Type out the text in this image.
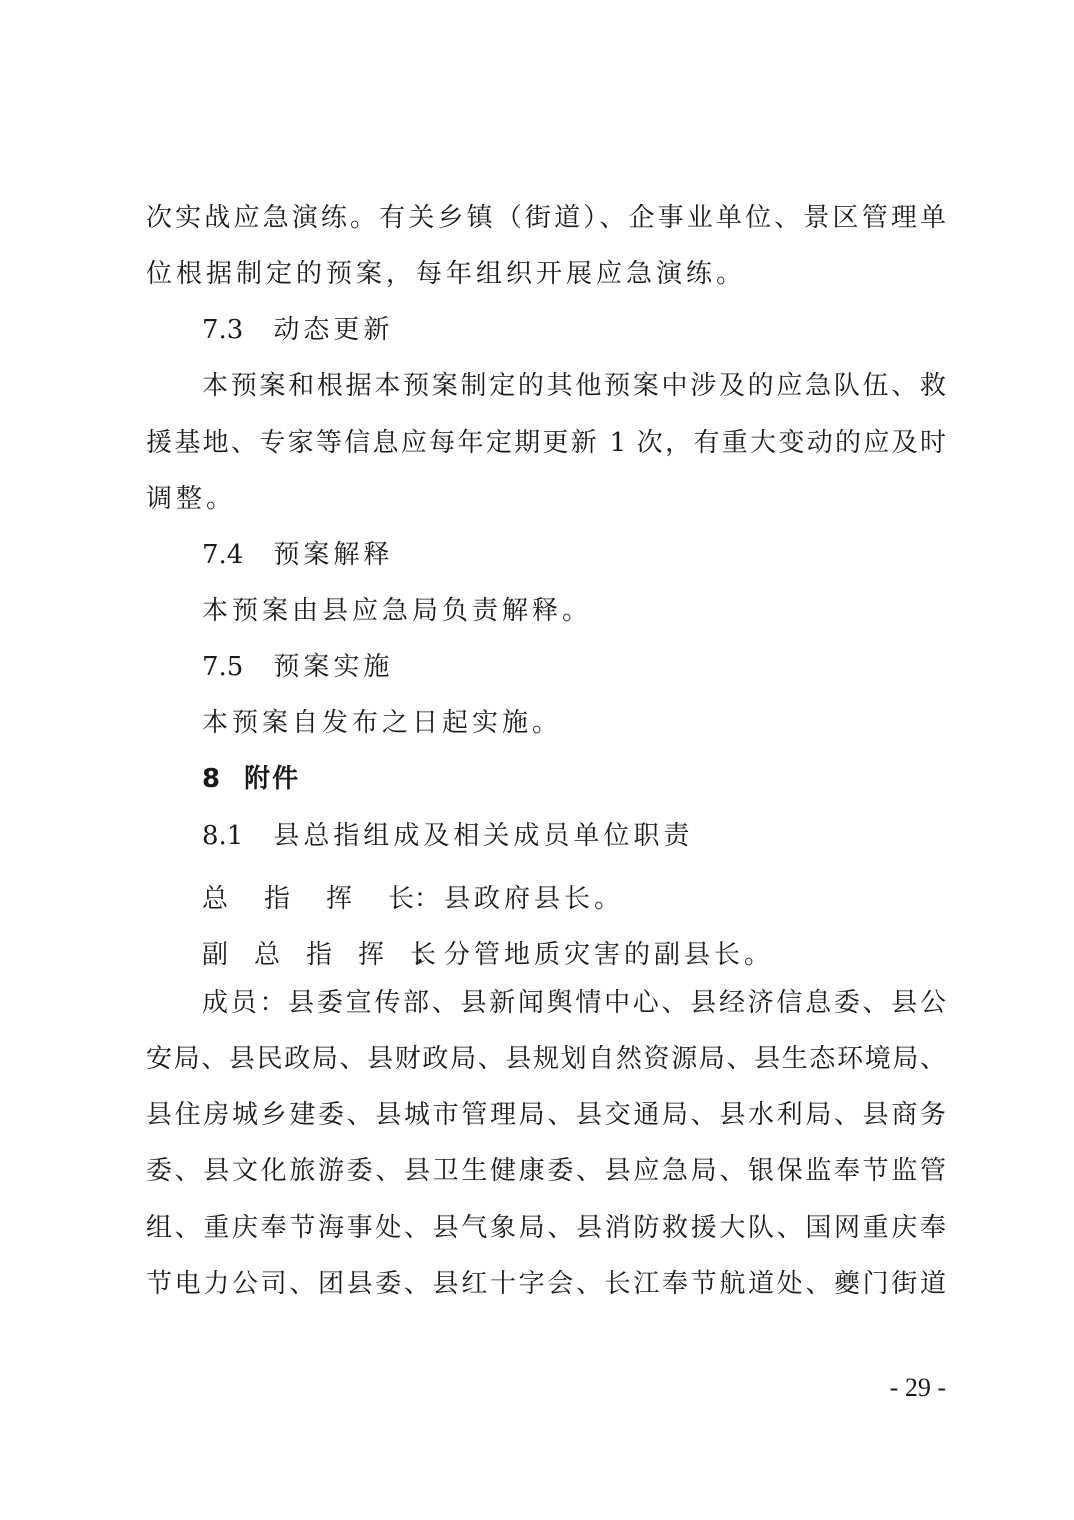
次实战应急演练。有关乡镇（街道）、企事业单位、景区管理单
位根据制定的预案，每年组织开展应急演练。
7.3 动态更新
本预案和根据本预案制定的其他预案中涉及的应急队伍、救
援基地、专家等信息应每年定期更新 1 次，有重大变动的应及时
调整。
7.4 预案解释
本预案由县应急局负责解释。
7.5 预案实施
本预案自发布之日起实施。
8 附件
8.1 县总指组成及相关成员单位职责
总　指　挥　长：县政府县长。
副　总　指　挥　长：分管地质灾害的副县长。
成员：县委宣传部、县新闻舆情中心、县经济信息委、县公
安局、县民政局、县财政局、县规划自然资源局、县生态环境局、
县住房城乡建委、县城市管理局、县交通局、县水利局、县商务
委、县文化旅游委、县卫生健康委、县应急局、银保监奉节监管
组、重庆奉节海事处、县气象局、县消防救援大队、国网重庆奉
节电力公司、团县委、县红十字会、长江奉节航道处、夔门街道
- 29 -
